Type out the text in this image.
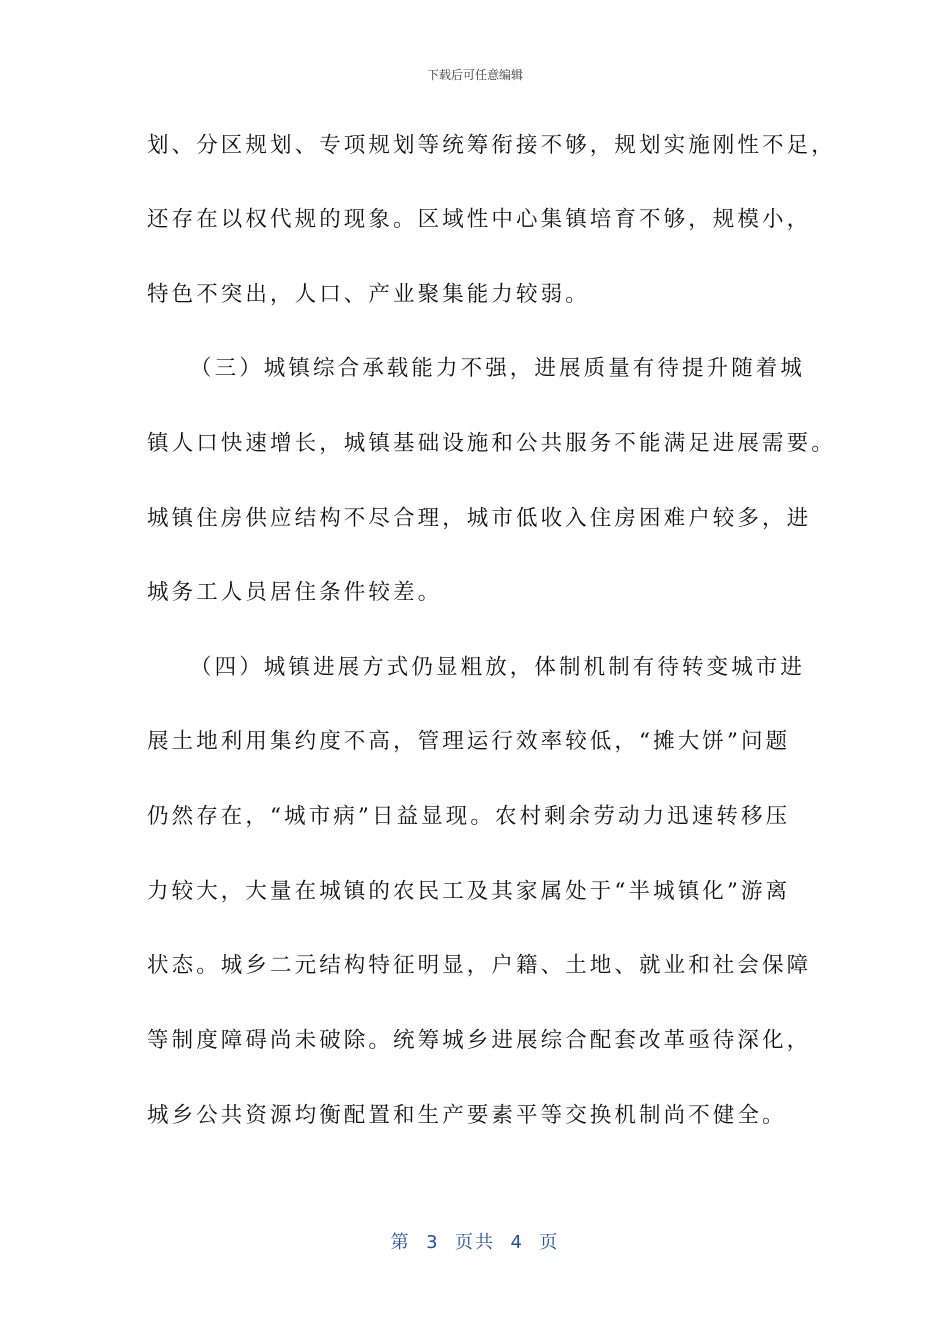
下载后可任意编辑
划、分区规划、专项规划等统筹衔接不够，规划实施刚性不足，
还存在以权代规的现象。区域性中心集镇培育不够，规模小，
特色不突出，人口、产业聚集能力较弱。
（三）城镇综合承载能力不强，进展质量有待提升随着城
镇人口快速增长，城镇基础设施和公共服务不能满足进展需要。
城镇住房供应结构不尽合理，城市低收入住房困难户较多，进
城务工人员居住条件较差。
（四）城镇进展方式仍显粗放，体制机制有待转变城市进
展土地利用集约度不高，管理运行效率较低，“摊大饼”问题
仍然存在，“城市病”日益显现。农村剩余劳动力迅速转移压
力较大，大量在城镇的农民工及其家属处于“半城镇化”游离
状态。城乡二元结构特征明显，户籍、土地、就业和社会保障
等制度障碍尚未破除。统筹城乡进展综合配套改革亟待深化，
城乡公共资源均衡配置和生产要素平等交换机制尚不健全。
第  3  页共  4  页
